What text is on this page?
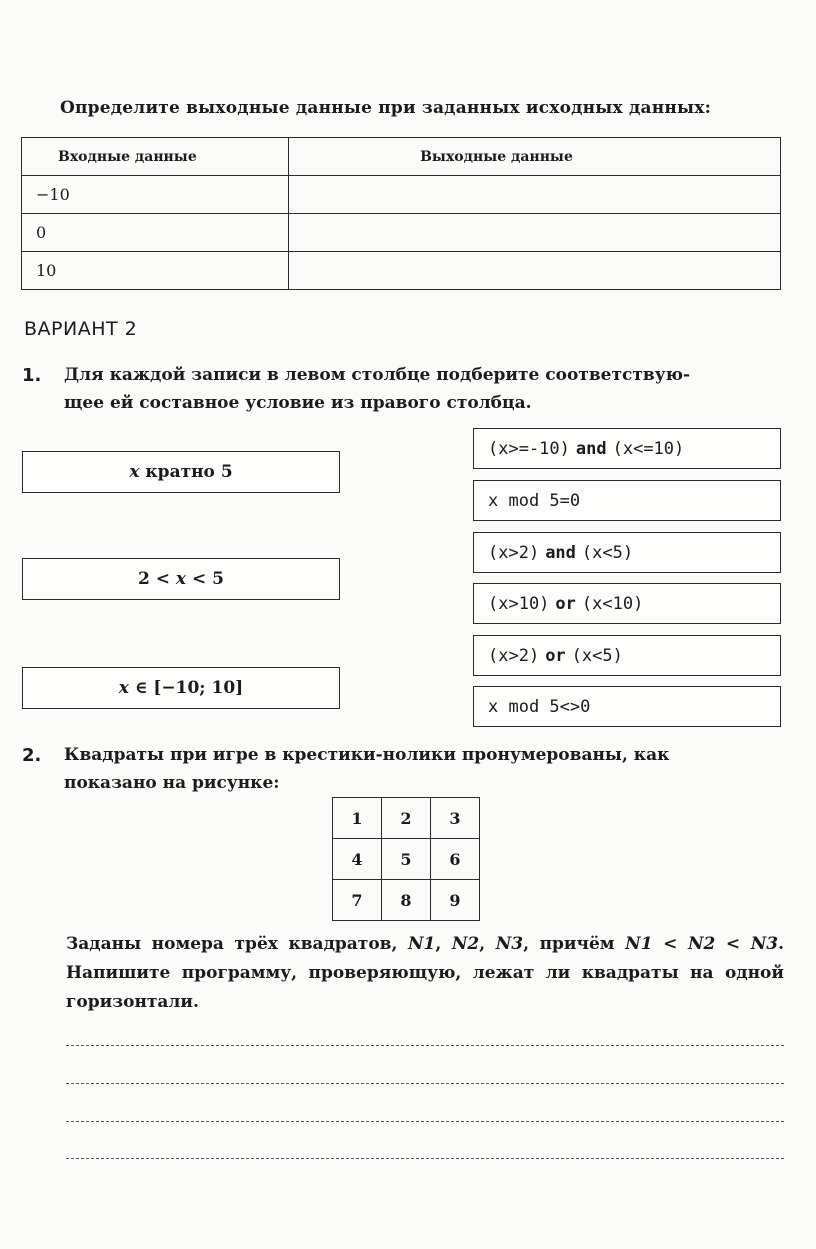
Определите выходные данные при заданных исходных данных:
Входные данные	Выходные данные
−10	
0	
10	
ВАРИАНТ 2
1. Для каждой записи в левом столбце подберите соответствую-
щее ей составное условие из правого столбца.
x кратно 5
2 < x < 5
x ∈ [−10; 10]
(x>=-10) and (x<=10)
x mod 5=0
(x>2) and (x<5)
(x>10) or (x<10)
(x>2) or (x<5)
x mod 5<>0
2. Квадраты при игре в крестики-нолики пронумерованы, как
показано на рисунке:
1	2	3
4	5	6
7	8	9
Заданы номера трёх квадратов, N1, N2, N3, причём N1 < N2 < N3. Напишите программу, проверяющую, лежат ли квадраты на одной горизонтали.
